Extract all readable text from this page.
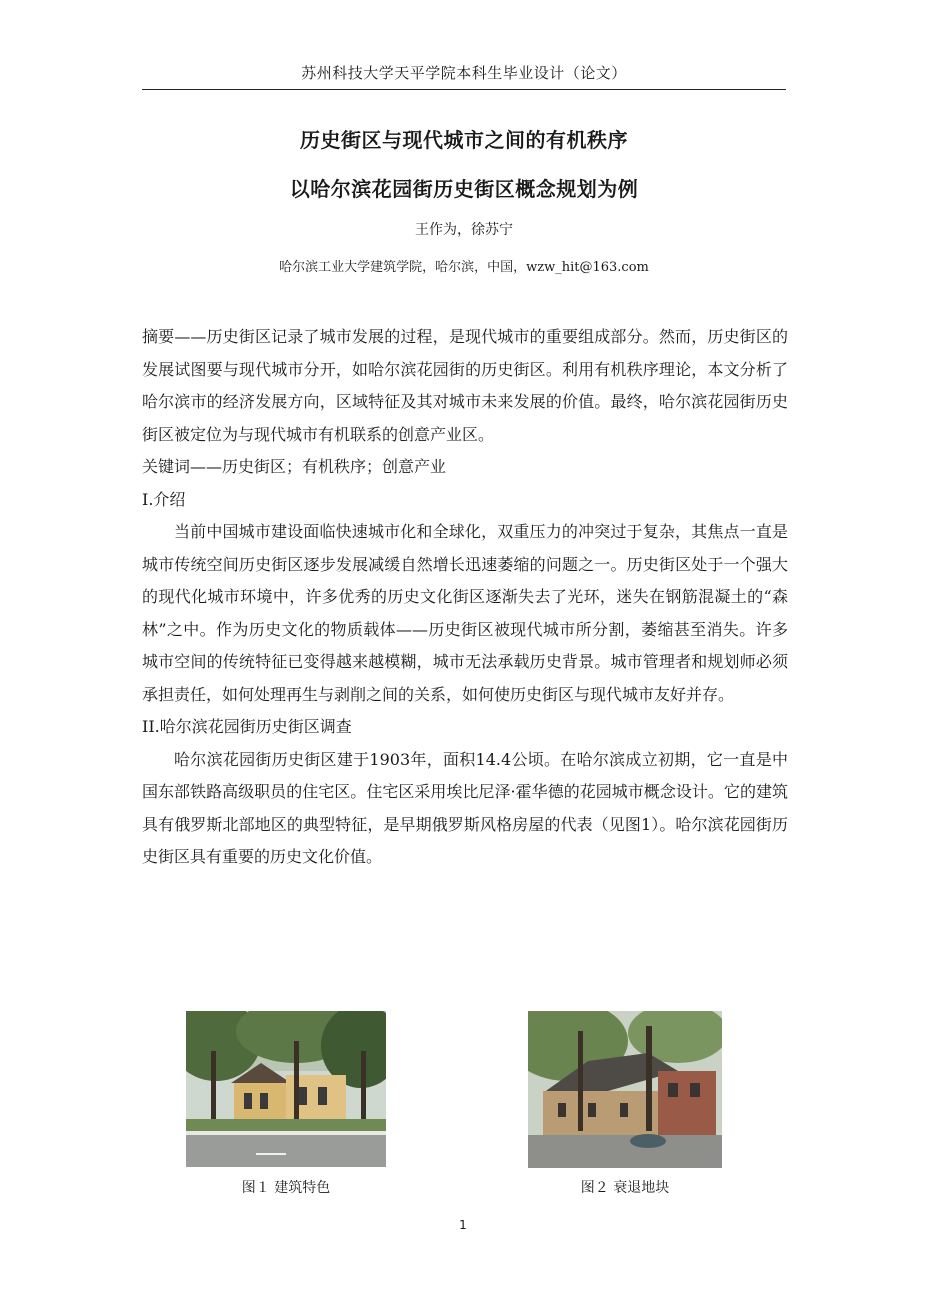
苏州科技大学天平学院本科生毕业设计（论文）
历史街区与现代城市之间的有机秩序
以哈尔滨花园街历史街区概念规划为例
王作为，徐苏宁
哈尔滨工业大学建筑学院，哈尔滨，中国，wzw_hit@163.com

摘要——历史街区记录了城市发展的过程，是现代城市的重要组成部分。然而，历史街区的发展试图要与现代城市分开，如哈尔滨花园街的历史街区。利用有机秩序理论，本文分析了哈尔滨市的经济发展方向，区域特征及其对城市未来发展的价值。最终，哈尔滨花园街历史街区被定位为与现代城市有机联系的创意产业区。

关键词——历史街区；有机秩序；创意产业

I.介绍

当前中国城市建设面临快速城市化和全球化，双重压力的冲突过于复杂，其焦点一直是城市传统空间历史街区逐步发展减缓自然增长迅速萎缩的问题之一。历史街区处于一个强大的现代化城市环境中，许多优秀的历史文化街区逐渐失去了光环，迷失在钢筋混凝土的“森林”之中。作为历史文化的物质载体——历史街区被现代城市所分割，萎缩甚至消失。许多城市空间的传统特征已变得越来越模糊，城市无法承载历史背景。城市管理者和规划师必须承担责任，如何处理再生与剥削之间的关系，如何使历史街区与现代城市友好并存。

II.哈尔滨花园街历史街区调查

哈尔滨花园街历史街区建于1903年，面积14.4公顷。在哈尔滨成立初期，它一直是中国东部铁路高级职员的住宅区。住宅区采用埃比尼泽·霍华德的花园城市概念设计。它的建筑具有俄罗斯北部地区的典型特征，是早期俄罗斯风格房屋的代表（见图1）。哈尔滨花园街历史街区具有重要的历史文化价值。

图１ 建筑特色	图２ 衰退地块
1
